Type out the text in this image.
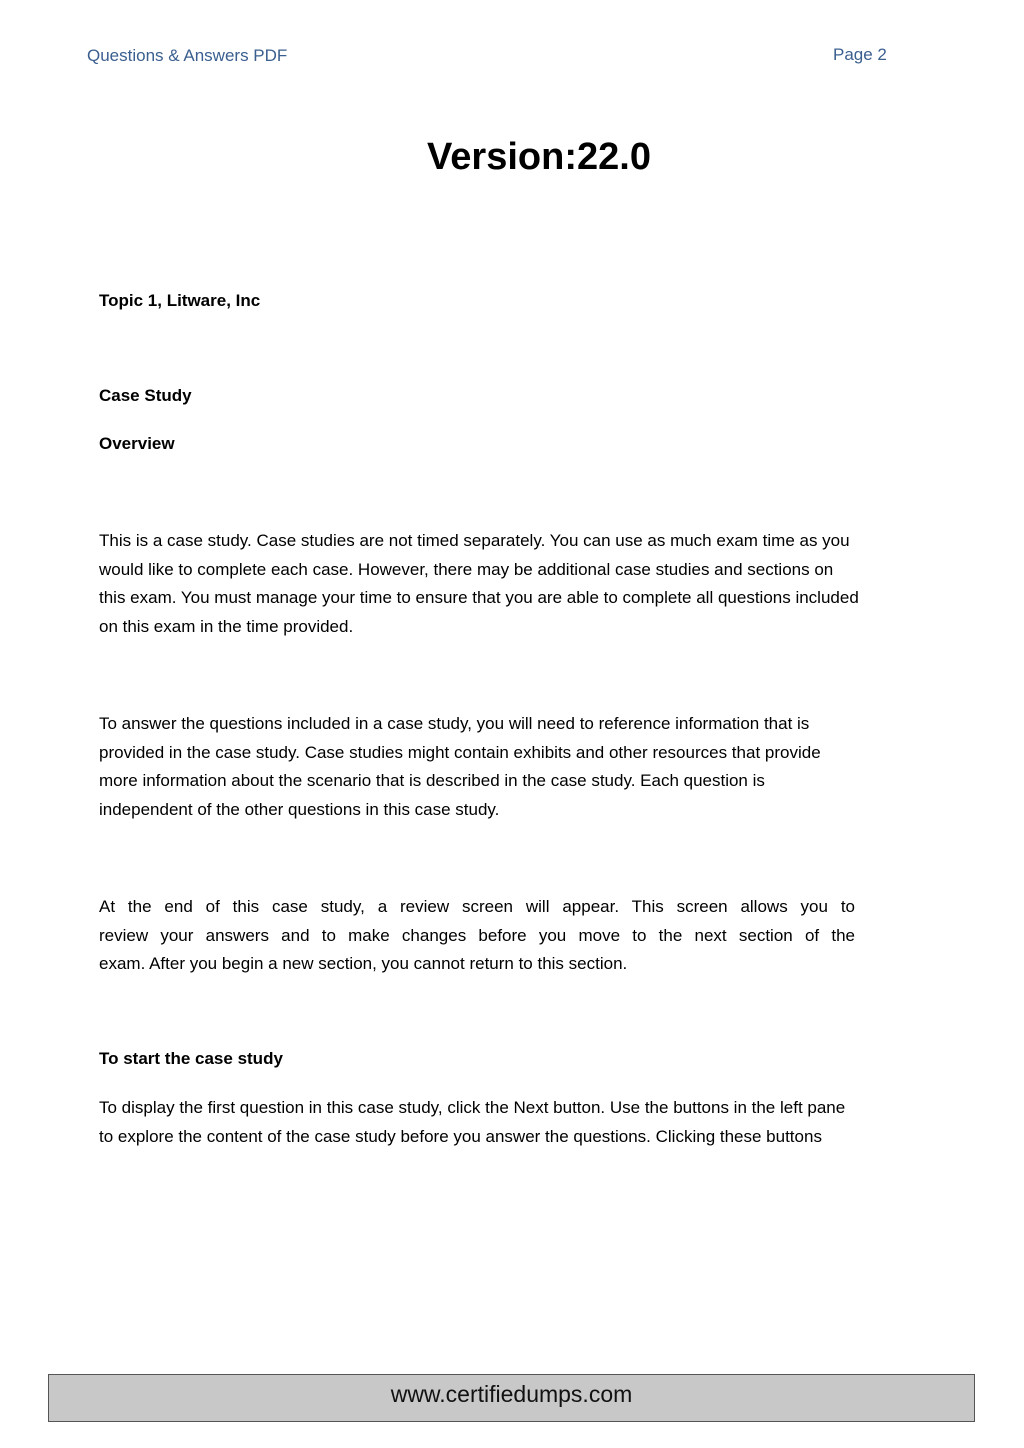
Questions & Answers PDF	Page 2
Version:22.0
Topic 1, Litware, Inc
Case Study
Overview
This is a case study. Case studies are not timed separately. You can use as much exam time as you
would like to complete each case. However, there may be additional case studies and sections on
this exam. You must manage your time to ensure that you are able to complete all questions included
on this exam in the time provided.
To answer the questions included in a case study, you will need to reference information that is
provided in the case study. Case studies might contain exhibits and other resources that provide
more information about the scenario that is described in the case study. Each question is
independent of the other questions in this case study.
At the end of this case study, a review screen will appear. This screen allows you to
review your answers and to make changes before you move to the next section of the
exam. After you begin a new section, you cannot return to this section.
To start the case study
To display the first question in this case study, click the Next button. Use the buttons in the left pane
to explore the content of the case study before you answer the questions. Clicking these buttons
www.certifiedumps.com
